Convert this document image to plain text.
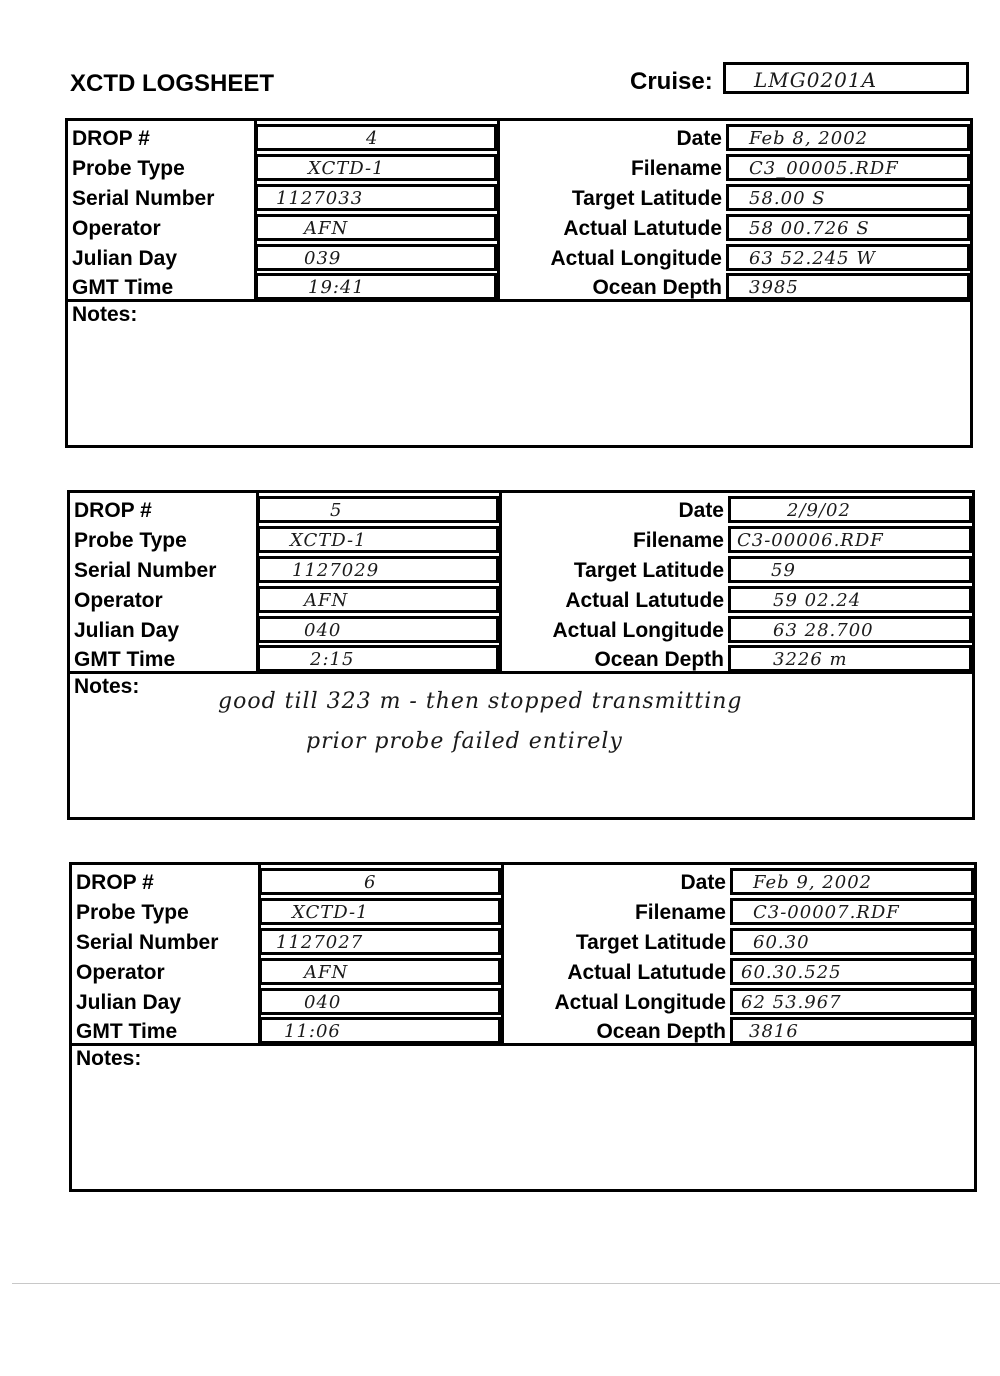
XCTD LOGSHEET	Cruise: LMG0201A
DROP #
Probe Type
Serial Number
Operator
Julian Day
GMT Time
4
XCTD-1
1127033
AFN
039
19:41
Date
Filename
Target Latitude
Actual Latutude
Actual Longitude
Ocean Depth
Feb 8, 2002
C3_00005.RDF
58.00 S
58 00.726 S
63 52.245 W
3985
Notes:
DROP #
Probe Type
Serial Number
Operator
Julian Day
GMT Time
5
XCTD-1
1127029
AFN
040
2:15
Date
Filename
Target Latitude
Actual Latutude
Actual Longitude
Ocean Depth
2/9/02
C3-00006.RDF
59
59 02.24
63 28.700
3226 m
Notes:
good till 323 m - then stopped transmitting
prior probe failed entirely
DROP #
Probe Type
Serial Number
Operator
Julian Day
GMT Time
6
XCTD-1
1127027
AFN
040
11:06
Date
Filename
Target Latitude
Actual Latutude
Actual Longitude
Ocean Depth
Feb 9, 2002
C3-00007.RDF
60.30
60.30.525
62 53.967
3816
Notes:
